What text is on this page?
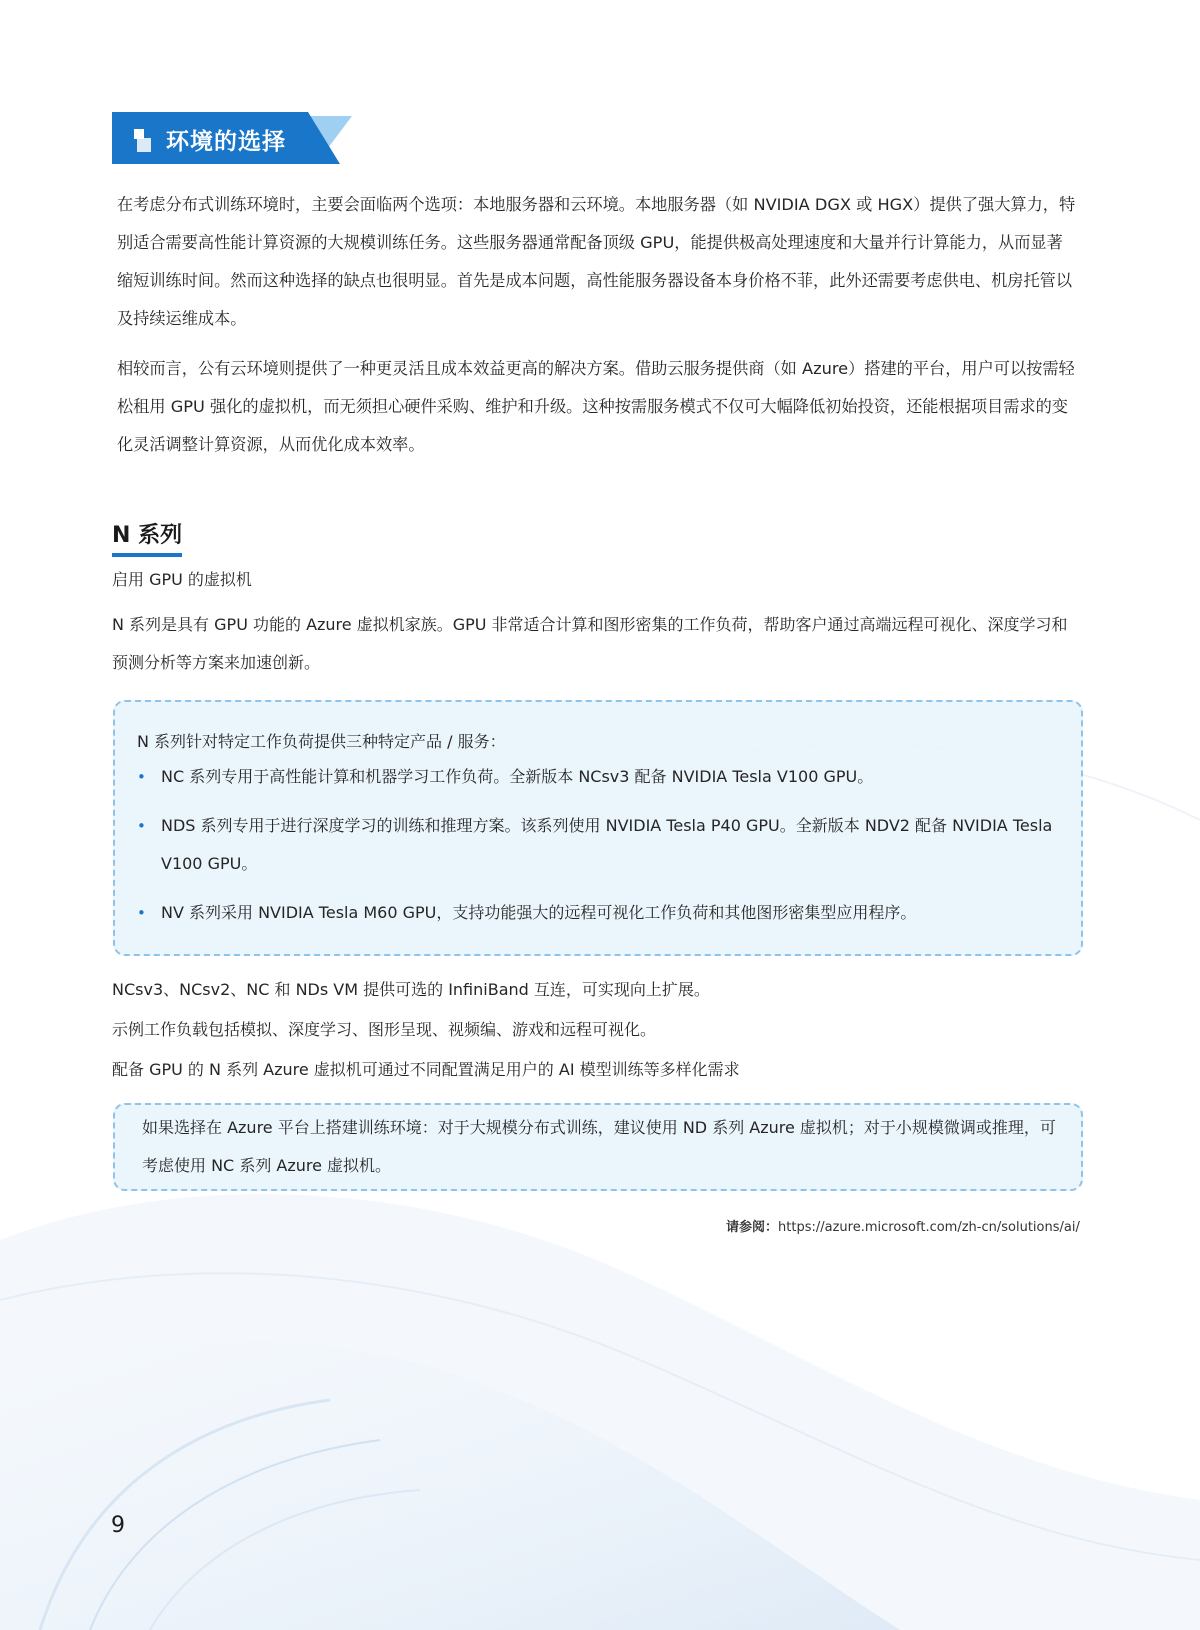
环境的选择

在考虑分布式训练环境时，主要会面临两个选项：本地服务器和云环境。本地服务器（如 NVIDIA DGX 或 HGX）提供了强大算力，特别适合需要高性能计算资源的大规模训练任务。这些服务器通常配备顶级 GPU，能提供极高处理速度和大量并行计算能力，从而显著缩短训练时间。然而这种选择的缺点也很明显。首先是成本问题，高性能服务器设备本身价格不菲，此外还需要考虑供电、机房托管以及持续运维成本。

相较而言，公有云环境则提供了一种更灵活且成本效益更高的解决方案。借助云服务提供商（如 Azure）搭建的平台，用户可以按需轻松租用 GPU 强化的虚拟机，而无须担心硬件采购、维护和升级。这种按需服务模式不仅可大幅降低初始投资，还能根据项目需求的变化灵活调整计算资源，从而优化成本效率。

N 系列
启用 GPU 的虚拟机

N 系列是具有 GPU 功能的 Azure 虚拟机家族。GPU 非常适合计算和图形密集的工作负荷，帮助客户通过高端远程可视化、深度学习和预测分析等方案来加速创新。

N 系列针对特定工作负荷提供三种特定产品 / 服务：
• NC 系列专用于高性能计算和机器学习工作负荷。全新版本 NCsv3 配备 NVIDIA Tesla V100 GPU。
• NDS 系列专用于进行深度学习的训练和推理方案。该系列使用 NVIDIA Tesla P40 GPU。全新版本 NDV2 配备 NVIDIA Tesla V100 GPU。
• NV 系列采用 NVIDIA Tesla M60 GPU，支持功能强大的远程可视化工作负荷和其他图形密集型应用程序。
NCsv3、NCsv2、NC 和 NDs VM 提供可选的 InfiniBand 互连，可实现向上扩展。
示例工作负载包括模拟、深度学习、图形呈现、视频编、游戏和远程可视化。
配备 GPU 的 N 系列 Azure 虚拟机可通过不同配置满足用户的 AI 模型训练等多样化需求

如果选择在 Azure 平台上搭建训练环境：对于大规模分布式训练，建议使用 ND 系列 Azure 虚拟机；对于小规模微调或推理，可考虑使用 NC 系列 Azure 虚拟机。

请参阅：https://azure.microsoft.com/zh-cn/solutions/ai/
9
